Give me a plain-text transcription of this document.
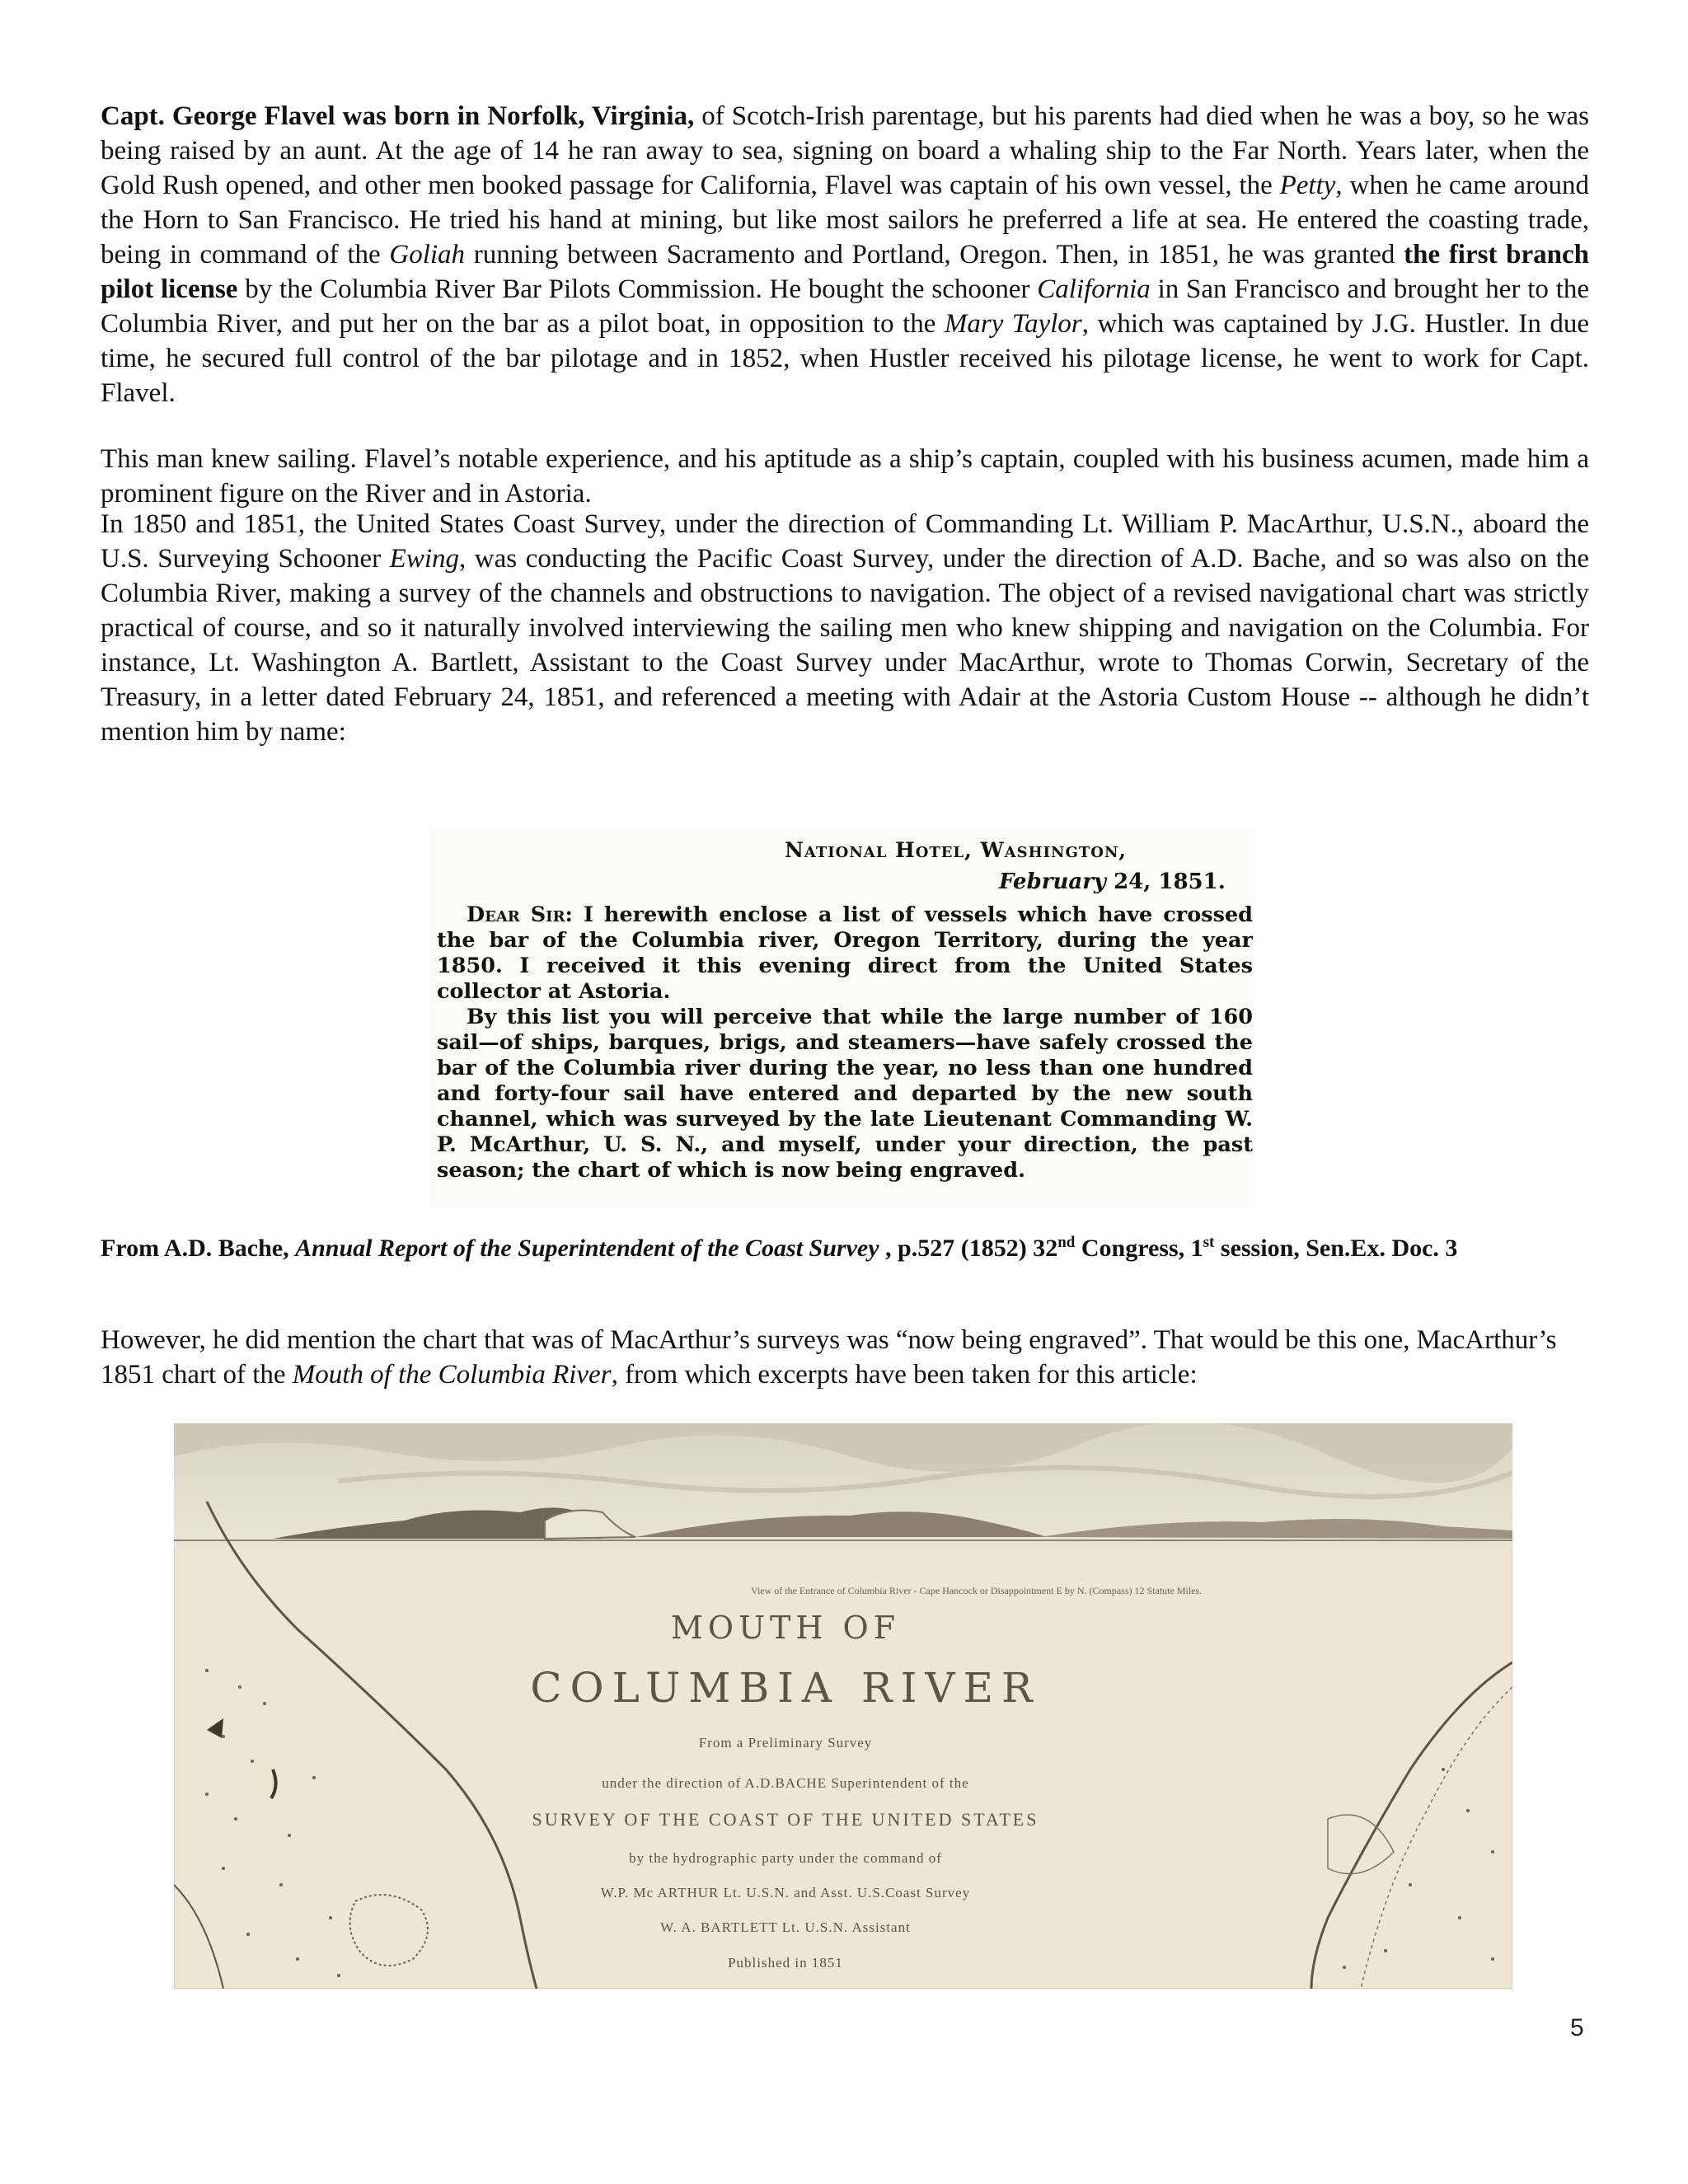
Capt. George Flavel was born in Norfolk, Virginia, of Scotch-Irish parentage, but his parents had died when he was a boy, so he was being raised by an aunt. At the age of 14 he ran away to sea, signing on board a whaling ship to the Far North. Years later, when the Gold Rush opened, and other men booked passage for California, Flavel was captain of his own vessel, the Petty, when he came around the Horn to San Francisco. He tried his hand at mining, but like most sailors he preferred a life at sea. He entered the coasting trade, being in command of the Goliah running between Sacramento and Portland, Oregon. Then, in 1851, he was granted the first branch pilot license by the Columbia River Bar Pilots Commission. He bought the schooner California in San Francisco and brought her to the Columbia River, and put her on the bar as a pilot boat, in opposition to the Mary Taylor, which was captained by J.G. Hustler. In due time, he secured full control of the bar pilotage and in 1852, when Hustler received his pilotage license, he went to work for Capt. Flavel.

This man knew sailing. Flavel’s notable experience, and his aptitude as a ship’s captain, coupled with his business acumen, made him a prominent figure on the River and in Astoria.

In 1850 and 1851, the United States Coast Survey, under the direction of Commanding Lt. William P. MacArthur, U.S.N., aboard the U.S. Surveying Schooner Ewing, was conducting the Pacific Coast Survey, under the direction of A.D. Bache, and so was also on the Columbia River, making a survey of the channels and obstructions to navigation. The object of a revised navigational chart was strictly practical of course, and so it naturally involved interviewing the sailing men who knew shipping and navigation on the Columbia. For instance, Lt. Washington A. Bartlett, Assistant to the Coast Survey under MacArthur, wrote to Thomas Corwin, Secretary of the Treasury, in a letter dated February 24, 1851, and referenced a meeting with Adair at the Astoria Custom House -- although he didn’t mention him by name:

National Hotel, Washington,
February 24, 1851.

Dear Sir: I herewith enclose a list of vessels which have crossed the bar of the Columbia river, Oregon Territory, during the year 1850. I received it this evening direct from the United States collector at Astoria.

By this list you will perceive that while the large number of 160 sail—of ships, barques, brigs, and steamers—have safely crossed the bar of the Columbia river during the year, no less than one hundred and forty-four sail have entered and departed by the new south channel, which was surveyed by the late Lieutenant Commanding W. P. McArthur, U. S. N., and myself, under your direction, the past season; the chart of which is now being engraved.

From A.D. Bache, Annual Report of the Superintendent of the Coast Survey , p.527 (1852) 32nd Congress, 1st session, Sen.Ex. Doc. 3

However, he did mention the chart that was of MacArthur’s surveys was “now being engraved”. That would be this one, MacArthur’s 1851 chart of the Mouth of the Columbia River, from which excerpts have been taken for this article:

View of the Entrance of Columbia River - Cape Hancock or Disappointment E by N. (Compass) 12 Statute Miles.
MOUTH OF
COLUMBIA RIVER
From a Preliminary Survey
under the direction of A.D.BACHE Superintendent of the
SURVEY OF THE COAST OF THE UNITED STATES
by the hydrographic party under the command of
W.P. Mc ARTHUR Lt. U.S.N. and Asst. U.S.Coast Survey
W. A. BARTLETT Lt. U.S.N. Assistant
Published in 1851
5
